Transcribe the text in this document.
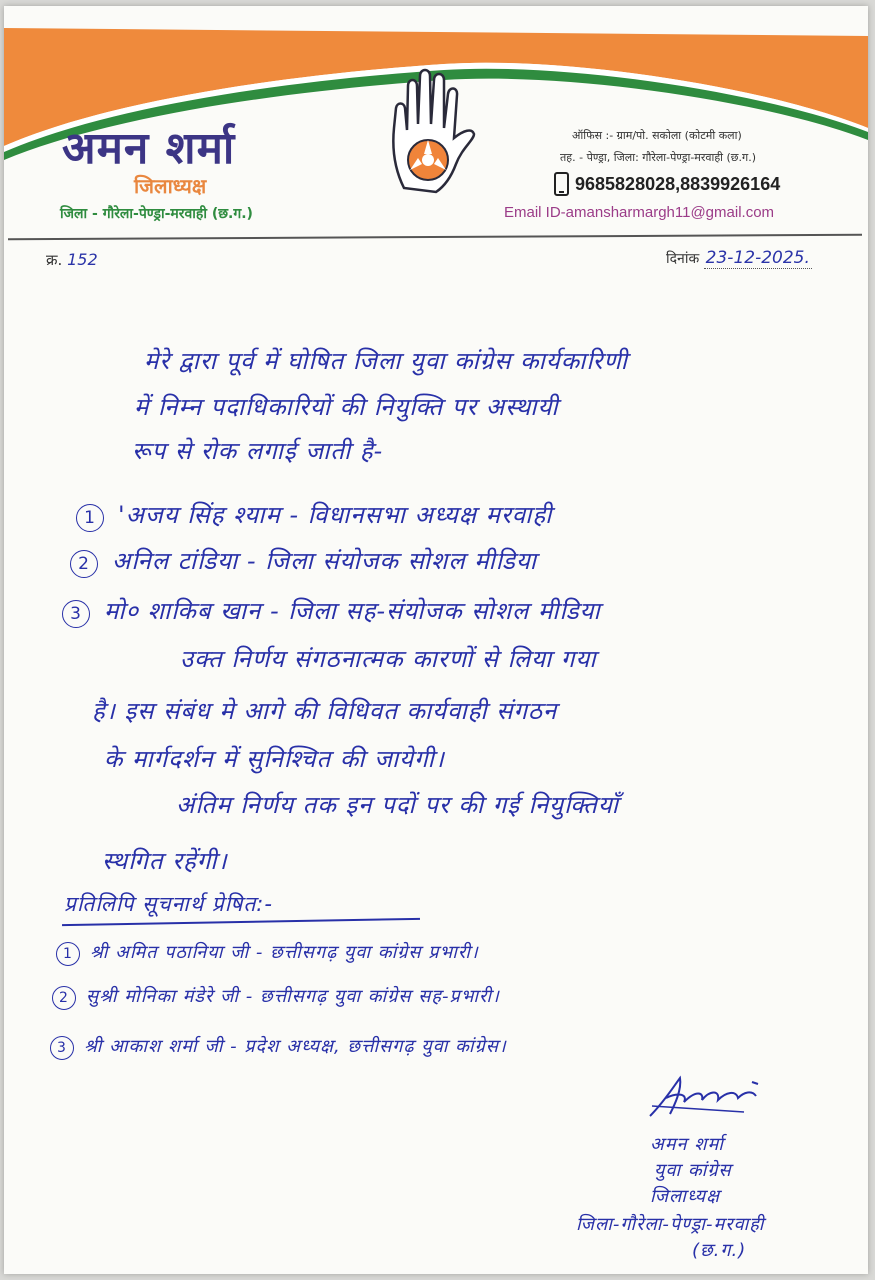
अमन शर्मा
जिलाध्यक्ष
जिला - गौरेला-पेण्ड्रा-मरवाही (छ.ग.)
ऑफिस :- ग्राम/पो. सकोला (कोटमी कला)
तह. - पेण्ड्रा, जिला: गौरेला-पेण्ड्रा-मरवाही (छ.ग.)
9685828028,8839926164
Email ID-amansharmargh11@gmail.com
क्र. 152	दिनांक 23-12-2025.
मेरे द्वारा पूर्व में घोषित जिला युवा कांग्रेस कार्यकारिणी
में निम्न पदाधिकारियों की नियुक्ति पर अस्थायी
रूप से रोक लगाई जाती है-
1 'अजय सिंह श्याम - विधानसभा अध्यक्ष मरवाही
2 अनिल टांडिया - जिला संयोजक सोशल मीडिया
3 मो० शाकिब खान - जिला सह-संयोजक सोशल मीडिया
उक्त निर्णय संगठनात्मक कारणों से लिया गया
है। इस संबंध मे आगे की विधिवत कार्यवाही संगठन
के मार्गदर्शन में सुनिश्चित की जायेगी।
अंतिम निर्णय तक इन पदों पर की गई नियुक्तियाँ
स्थगित रहेंगी।
प्रतिलिपि सूचनार्थ प्रेषित:-
1 श्री अमित पठानिया जी - छत्तीसगढ़ युवा कांग्रेस प्रभारी।
2 सुश्री मोनिका मंडेरे जी - छत्तीसगढ़ युवा कांग्रेस सह-प्रभारी।
3 श्री आकाश शर्मा जी - प्रदेश अध्यक्ष, छत्तीसगढ़ युवा कांग्रेस।
अमन शर्मा
युवा कांग्रेस
जिलाध्यक्ष
जिला-गौरेला-पेण्ड्रा-मरवाही
(छ.ग.)
